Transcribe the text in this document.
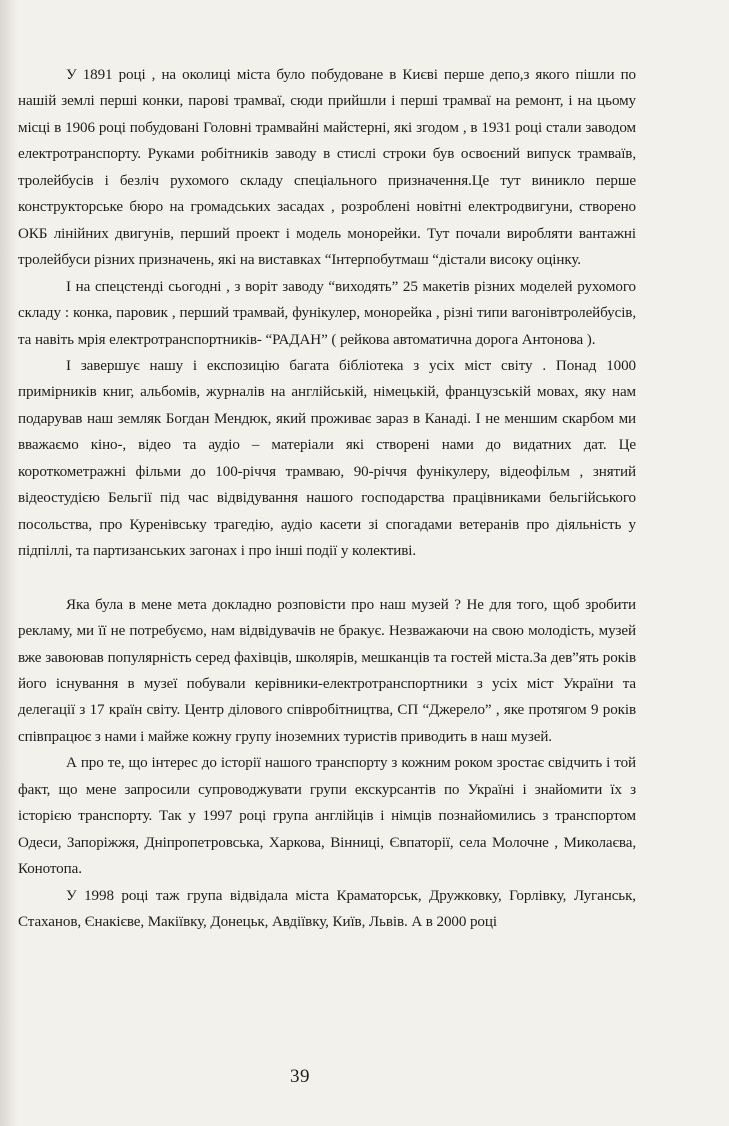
У 1891 році , на околиці міста було побудоване в Києві перше депо,з якого пішли по нашій землі перші конки, парові трамваї, сюди прийшли і перші трамваї на ремонт, і на цьому місці в 1906 році побудовані Головні трамвайні майстерні, які згодом , в 1931 році стали заводом електротранспорту. Руками робітників заводу в стислі строки був освоєний випуск трамваїв, тролейбусів і безліч рухомого складу спеціального призначення.Це тут виникло перше конструкторське бюро на громадських засадах , розроблені новітні електродвигуни, створено ОКБ лінійних двигунів, перший проект і модель монорейки. Тут почали виробляти вантажні тролейбуси різних призначень, які на виставках “Інтерпобутмаш “дістали високу оцінку.

І на спецстенді сьогодні , з воріт заводу “виходять” 25 макетів різних моделей рухомого складу : конка, паровик , перший трамвай, фунікулер, монорейка , різні типи вагонівтролейбусів, та навіть мрія електротранспортників- “РАДАН” ( рейкова автоматична дорога Антонова ).

І завершує нашу і експозицію багата бібліотека з усіх міст світу . Понад 1000 примірників книг, альбомів, журналів на англійській, німецькій, французській мовах, яку нам подарував наш земляк Богдан Мендюк, який проживає зараз в Канаді. І не меншим скарбом ми вважаємо кіно-, відео та аудіо – матеріали які створені нами до видатних дат. Це короткометражні фільми до 100-річчя трамваю, 90-річчя фунікулеру, відеофільм , знятий відеостудією Бельгії під час відвідування нашого господарства працівниками бельгійського посольства, про Куренівську трагедію, аудіо касети зі спогадами ветеранів про діяльність у підпіллі, та партизанських загонах і про інші події у колективі.

Яка була в мене мета докладно розповісти про наш музей ? Не для того, щоб зробити рекламу, ми її не потребуємо, нам відвідувачів не бракує. Незважаючи на свою молодість, музей вже завоював популярність серед фахівців, школярів, мешканців та гостей міста.За дев”ять років його існування в музеї побували керівники-електротранспортники з усіх міст України та делегації з 17 країн світу. Центр ділового співробітництва, СП “Джерело” , яке протягом 9 років співпрацює з нами і майже кожну групу іноземних туристів приводить в наш музей.

А про те, що інтерес до історії нашого транспорту з кожним роком зростає свідчить і той факт, що мене запросили супроводжувати групи екскурсантів по Україні і знайомити їх з історією транспорту. Так у 1997 році група англійців і німців познайомились з транспортом Одеси, Запоріжжя, Дніпропетровська, Харкова, Вінниці, Євпаторії, села Молочне , Миколаєва, Конотопа.

У 1998 році таж група відвідала міста Краматорськ, Дружковку, Горлівку, Луганськ, Стаханов, Єнакієве, Макіївку, Донецьк, Авдіївку, Київ, Львів. А в 2000 році

39
